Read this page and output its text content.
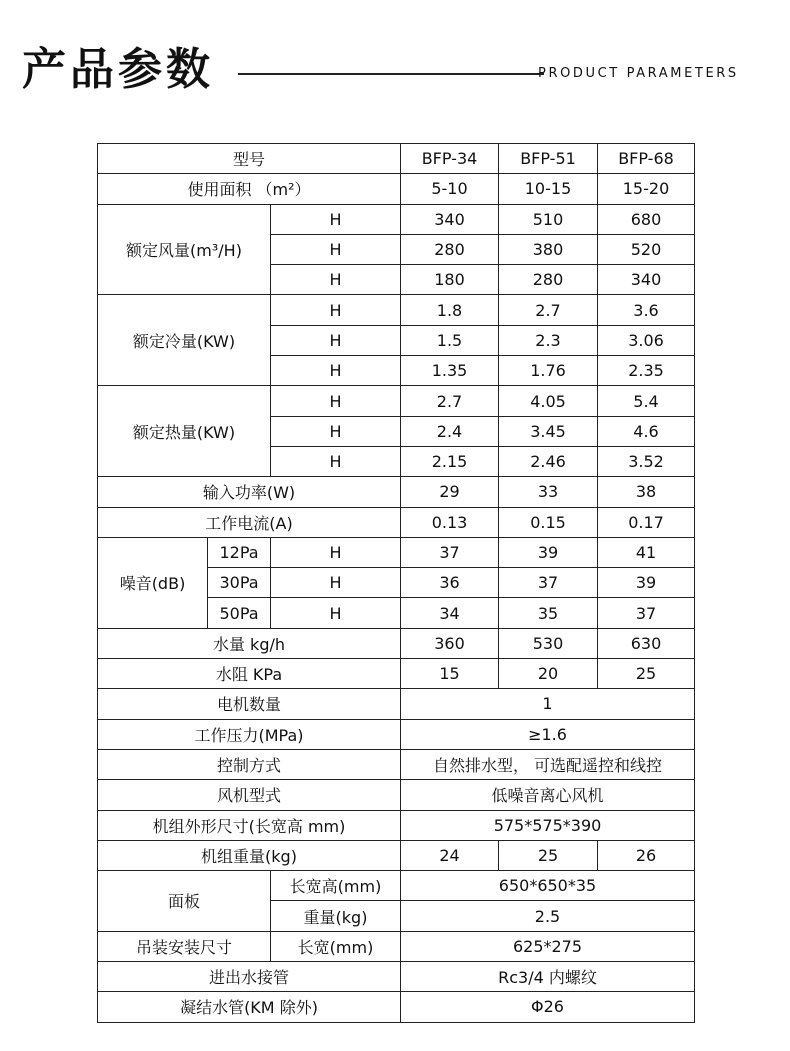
产品参数	PRODUCT PARAMETERS
型号			BFP-34	BFP-51	BFP-68
使用面积 （m²）			5-10	10-15	15-20
额定风量(m³/H)		H	340	510	680
		H	280	380	520
		H	180	280	340
额定冷量(KW)		H	1.8	2.7	3.6
		H	1.5	2.3	3.06
		H	1.35	1.76	2.35
额定热量(KW)		H	2.7	4.05	5.4
		H	2.4	3.45	4.6
		H	2.15	2.46	3.52
输入功率(W)			29	33	38
工作电流(A)			0.13	0.15	0.17
噪音(dB)	12Pa	H	37	39	41
	30Pa	H	36	37	39
	50Pa	H	34	35	37
水量 kg/h			360	530	630
水阻 KPa			15	20	25
电机数量			1		
工作压力(MPa)			≥1.6		
控制方式			自然排水型， 可选配遥控和线控		
风机型式			低噪音离心风机		
机组外形尺寸(长宽高 mm)			575*575*390		
机组重量(kg)			24	25	26
面板		长宽高(mm)	650*650*35		
		重量(kg)	2.5		
吊装安装尺寸		长宽(mm)	625*275		
进出水接管			Rc3/4 内螺纹		
凝结水管(KM 除外)			Φ26		
